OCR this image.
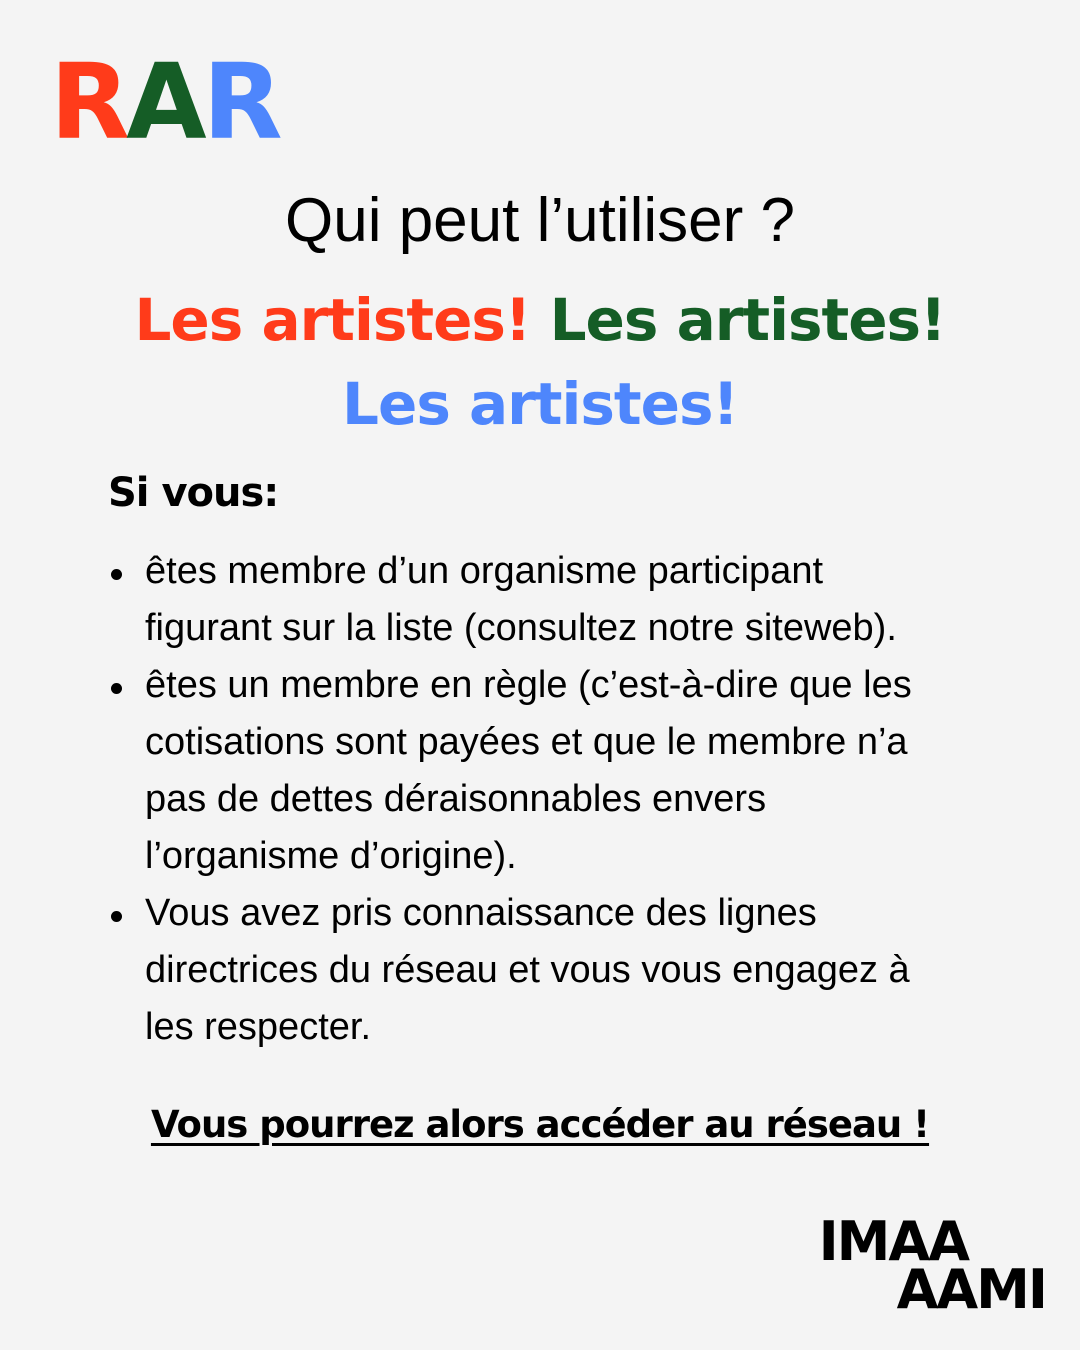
RAR
Qui peut l’utiliser ?
Les artistes! Les artistes!
Les artistes!
Si vous:
êtes membre d’un organisme participant
figurant sur la liste (consultez notre siteweb).
êtes un membre en règle (c’est-à-dire que les
cotisations sont payées et que le membre n’a
pas de dettes déraisonnables envers
l’organisme d’origine).
Vous avez pris connaissance des lignes
directrices du réseau et vous vous engagez à
les respecter.
Vous pourrez alors accéder au réseau !
IMAA
AAMI
